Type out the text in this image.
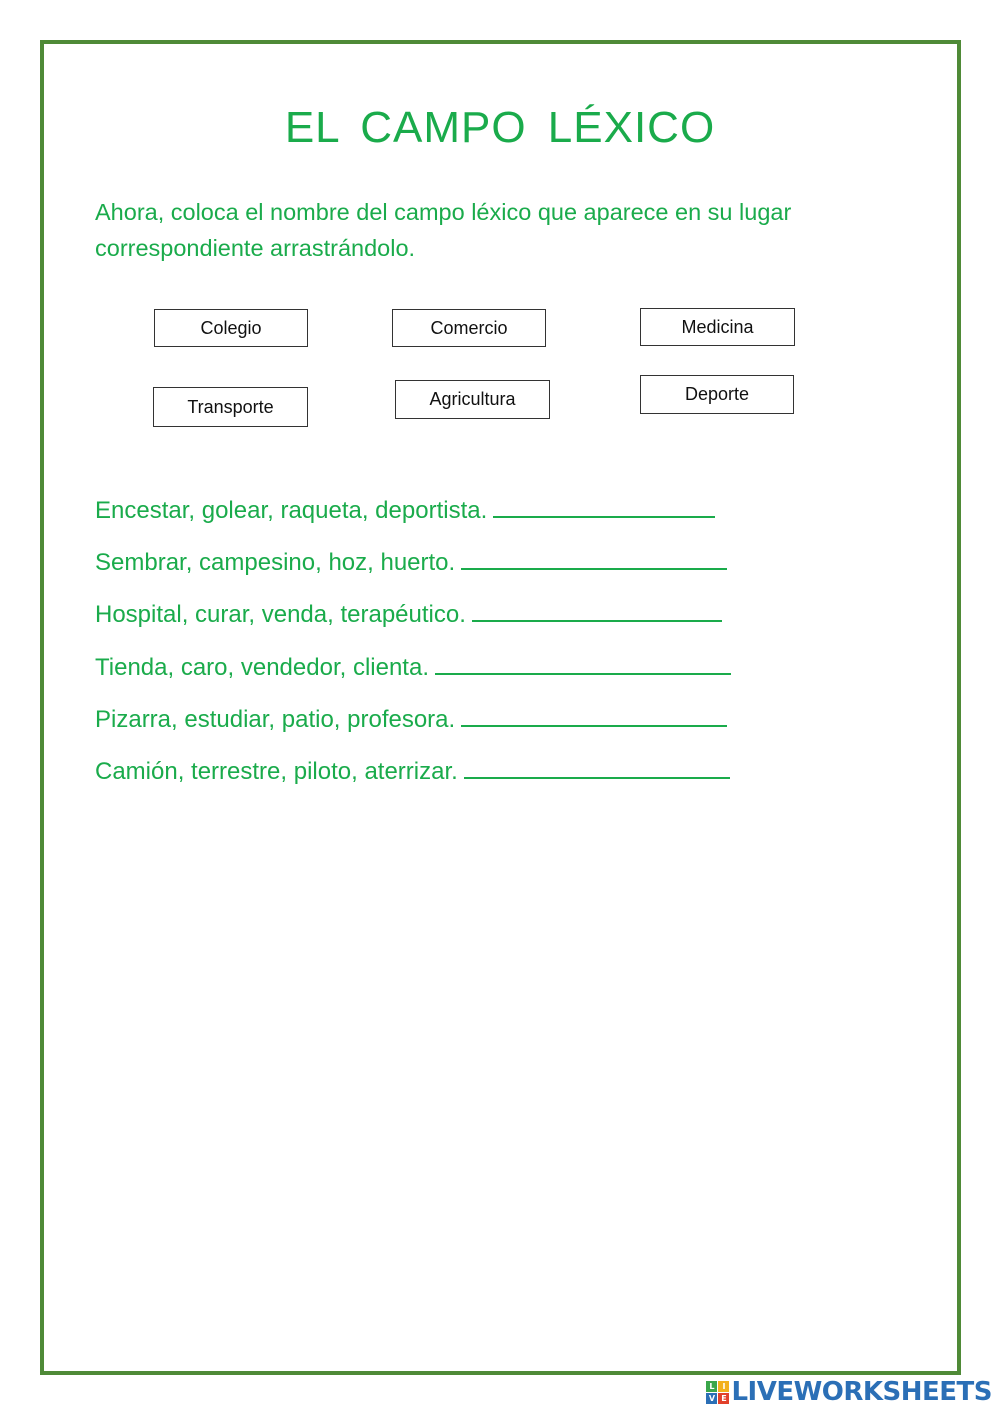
EL CAMPO LÉXICO
Ahora, coloca el nombre del campo léxico que aparece en su lugar correspondiente arrastrándolo.
Colegio	Comercio	Medicina
Transporte	Agricultura	Deporte
Encestar, golear, raqueta, deportista.
Sembrar, campesino, hoz, huerto.
Hospital, curar, venda, terapéutico.
Tienda, caro, vendedor, clienta.
Pizarra, estudiar, patio, profesora.
Camión, terrestre, piloto, aterrizar.
L I
V E LIVEWORKSHEETS
